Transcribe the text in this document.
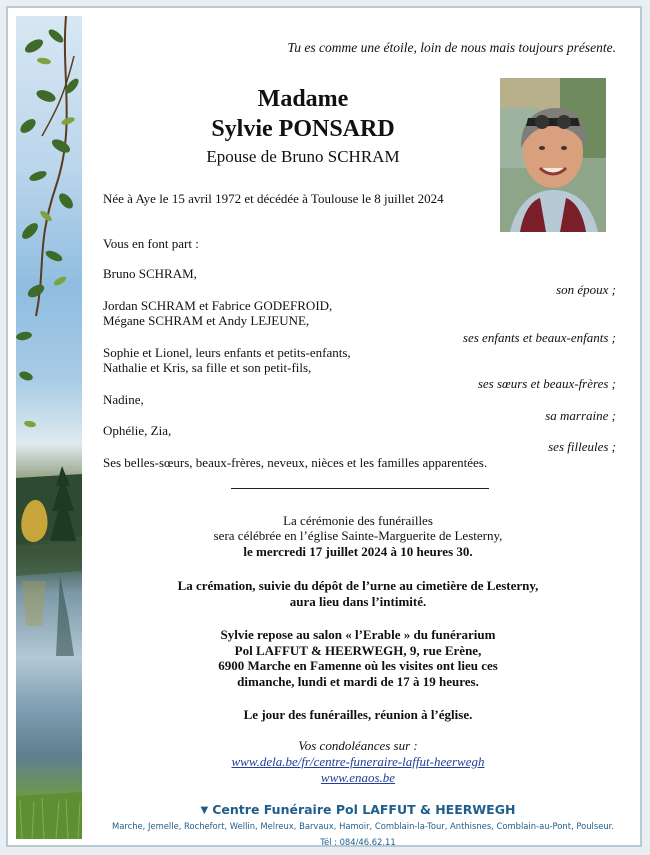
Tu es comme une étoile, loin de nous mais toujours présente.
Madame
Sylvie PONSARD
Epouse de Bruno SCHRAM
Née à Aye le 15 avril 1972 et décédée à Toulouse le 8 juillet 2024
Vous en font part :
Bruno SCHRAM,
son époux ;
Jordan SCHRAM et Fabrice GODEFROID,
Mégane SCHRAM et Andy LEJEUNE,
ses enfants et beaux-enfants ;
Sophie et Lionel, leurs enfants et petits-enfants,
Nathalie et Kris, sa fille et son petit-fils,
ses sœurs et beaux-frères ;
Nadine,
sa marraine ;
Ophélie, Zia,
ses filleules ;
Ses belles-sœurs, beaux-frères, neveux, nièces et les familles apparentées.
La cérémonie des funérailles
sera célébrée en l’église Sainte-Marguerite de Lesterny,
le mercredi 17 juillet 2024 à 10 heures 30.
La crémation, suivie du dépôt de l’urne au cimetière de Lesterny,
aura lieu dans l’intimité.
Sylvie repose au salon « l’Erable » du funérarium
Pol LAFFUT & HEERWEGH, 9, rue Erène,
6900 Marche en Famenne où les visites ont lieu ces
dimanche, lundi et mardi de 17 à 19 heures.
Le jour des funérailles, réunion à l’église.
Vos condoléances sur :
www.dela.be/fr/centre-funeraire-laffut-heerwegh
www.enaos.be
▼ Centre Funéraire Pol LAFFUT & HEERWEGH
Marche, Jemelle, Rochefort, Wellin, Melreux, Barvaux, Hamoir, Comblain-la-Tour, Anthisnes, Comblain-au-Pont, Poulseur.
Tél : 084/46.62.11
